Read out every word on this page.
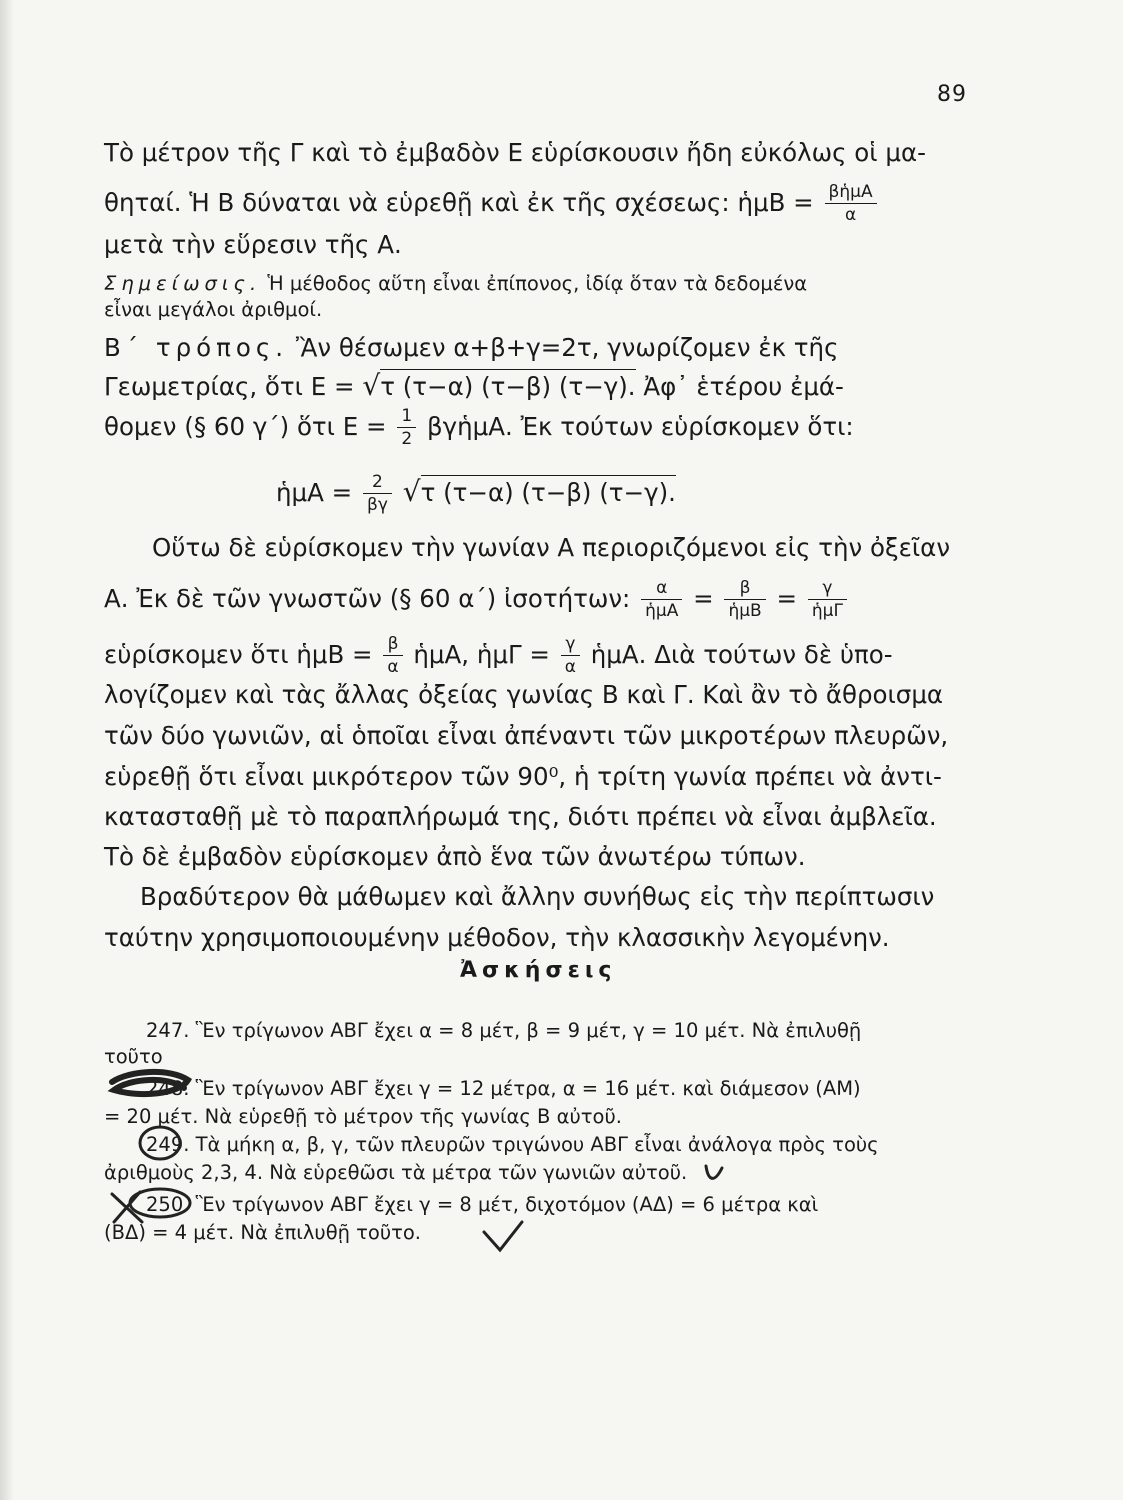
89
Τὸ μέτρον τῆς Γ καὶ τὸ ἐμβαδὸν Ε εὑρίσκουσιν ἤδη εὐκόλως οἱ μα-
θηταί. Ἡ Β δύναται νὰ εὑρεθῇ καὶ ἐκ τῆς σχέσεως: ἡμΒ = $\frac{\text{βἡμΑ}}{\alpha}$
μετὰ τὴν εὕρεσιν τῆς Α.
Σημείωσις. Ἡ μέθοδος αὕτη εἶναι ἐπίπονος, ἰδίᾳ ὅταν τὰ δεδομένα
εἶναι μεγάλοι ἀριθμοί.
Β΄ τρόπος. Ἂν θέσωμεν α+β+γ=2τ, γνωρίζομεν ἐκ τῆς
Γεωμετρίας, ὅτι Ε = √τ (τ−α) (τ−β) (τ−γ). Ἀφ᾿ ἑτέρου ἐμά-
θομεν (§ 60 γ΄) ὅτι $E = \frac{1}{2}$ βγἡμΑ. Ἐκ τούτων εὑρίσκομεν ὅτι:
ἡμΑ = $\frac{2}{\beta\gamma} √\tau$ (τ−α) (τ−β) (τ−γ).
Οὕτω δὲ εὑρίσκομεν τὴν γωνίαν Α περιοριζόμενοι εἰς τὴν ὀξεῖαν
Α. Ἐκ δὲ τῶν γνωστῶν (§ 60 α΄) ἰσοτήτων: $\frac{\alpha}{\text{ἡμΑ}} = \frac{\beta}{\text{ἡμΒ}} = \frac{\gamma}{\text{ἡμΓ}}$
εὑρίσκομεν ὅτι ἡμΒ = $\frac{\beta}{\alpha}$ ἡμΑ, ἡμΓ = $\frac{\gamma}{\alpha}$ ἡμΑ. Διὰ τούτων δὲ ὑπο-
λογίζομεν καὶ τὰς ἄλλας ὀξείας γωνίας Β καὶ Γ. Καὶ ἂν τὸ ἄθροισμα
τῶν δύο γωνιῶν, αἱ ὁποῖαι εἶναι ἀπέναντι τῶν μικροτέρων πλευρῶν,
εὑρεθῇ ὅτι εἶναι μικρότερον τῶν 90⁰, ἡ τρίτη γωνία πρέπει νὰ ἀντι-
κατασταθῇ μὲ τὸ παραπλήρωμά της, διότι πρέπει νὰ εἶναι ἀμβλεῖα.
Τὸ δὲ ἐμβαδὸν εὑρίσκομεν ἀπὸ ἕνα τῶν ἀνωτέρω τύπων.
Βραδύτερον θὰ μάθωμεν καὶ ἄλλην συνήθως εἰς τὴν περίπτωσιν
ταύτην χρησιμοποιουμένην μέθοδον, τὴν κλασσικὴν λεγομένην.
Ἀσκήσεις
247. Ἓν τρίγωνον ΑΒΓ ἔχει α = 8 μέτ, β = 9 μέτ, γ = 10 μέτ. Νὰ ἐπιλυθῇ
τοῦτο
248. Ἓν τρίγωνον ΑΒΓ ἔχει γ = 12 μέτρα, α = 16 μέτ. καὶ διάμεσον (ΑΜ)
= 20 μέτ. Νὰ εὑρεθῇ τὸ μέτρον τῆς γωνίας Β αὐτοῦ.
249. Τὰ μήκη α, β, γ, τῶν πλευρῶν τριγώνου ΑΒΓ εἶναι ἀνάλογα πρὸς τοὺς
ἀριθμοὺς 2,3, 4. Νὰ εὑρεθῶσι τὰ μέτρα τῶν γωνιῶν αὐτοῦ.
250. Ἓν τρίγωνον ΑΒΓ ἔχει γ = 8 μέτ, διχοτόμον (ΑΔ) = 6 μέτρα καὶ
(ΒΔ) = 4 μέτ. Νὰ ἐπιλυθῇ τοῦτο.
